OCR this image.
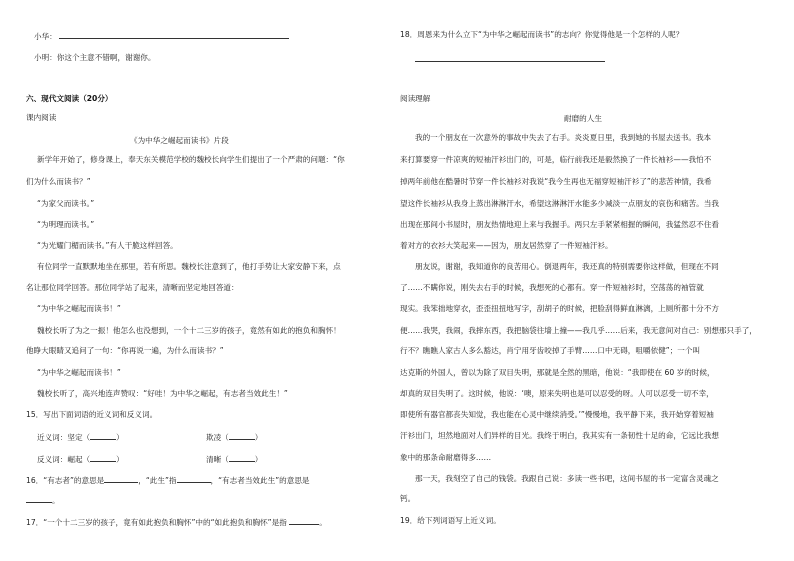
小华：
小明：你这个主意不错啊，谢谢你。
六、现代文阅读（20分）
课内阅读
《为中华之崛起而读书》片段
新学年开始了，修身课上，奉天东关模范学校的魏校长向学生们提出了一个严肃的问题：“你
们为什么而读书？”
“为家父而读书。”
“为明理而读书。”
“为光耀门楣而读书。”有人干脆这样回答。
有位同学一直默默地坐在那里，若有所思。魏校长注意到了，他打手势让大家安静下来，点
名让那位同学回答。那位同学站了起来，清晰而坚定地回答道：
“为中华之崛起而读书！”
魏校长听了为之一振！他怎么也没想到，一个十二三岁的孩子，竟然有如此的抱负和胸怀！
他睁大眼睛又追问了一句：“你再说一遍，为什么而读书？”
“为中华之崛起而读书！”
魏校长听了，高兴地连声赞叹：“好哇！为中华之崛起，有志者当效此生！”
15．写出下面词语的近义词和反义词。
近义词：坚定（	）	欺凌（	）
反义词：崛起（	）	清晰（	）
16．“有志者”的意思是	，“此生”指	，“有志者当效此生”的意思是
。
17．“一个十二三岁的孩子，竟有如此抱负和胸怀”中的“如此抱负和胸怀”是指	。
18．周恩来为什么立下“为中华之崛起而读书”的志向？你觉得他是一个怎样的人呢？
阅读理解
耐磨的人生
我的一个朋友在一次意外的事故中失去了右手。炎炎夏日里，我到她的书屋去送书。我本
来打算要穿一件凉爽的短袖汗衫出门的，可是，临行前我还是毅然换了一件长袖衫——我怕不
掉两年前他在酷暑时节穿一件长袖衫对我说“我今生再也无福穿短袖汗衫了”的悲苦神情，我希
望这件长袖衫从我身上蒸出淋淋汗水，希望这淋淋汗水能多少减淡一点朋友的哀伤和痛苦。当我
出现在那间小书屋时，朋友热情地迎上来与我握手。两只左手紧紧相握的瞬间，我猛然忍不住看
着对方的衣衫大笑起来——因为，朋友居然穿了一件短袖汗衫。
朋友说，谢谢，我知道你的良苦用心。倒退两年，我还真的特别需要你这样做，但现在不同
了……不瞒你说，刚失去右手的时候，我想死的心都有。穿一件短袖衫时，空荡荡的袖管就
现实。我笨拙地穿衣，歪歪扭扭地写字，刮胡子的时候，把脸刮得鲜血淋漓，上厕所都十分不方
便……我哭，我闹，我摔东西，我把脑袋往墙上撞——我几乎……后来，我无意间对自己：别想那只手了，
行不？瞧瞧人家古人多么豁达，肖宁用牙齿咬掉了手臂……口中无碍，咀嚼依健”；一个叫
达克斯的外国人，曾以为除了双目失明，那就是全然的黑暗，他说：“我即使在 60 岁的时候，
却真的双目失明了。这时候，他说：‘噢，原来失明也是可以忍受的呀。人可以忍受一切不幸，
即使所有器官都丧失知觉，我也能在心灵中继续消受。’”慢慢地，我平静下来，我开始穿着短袖
汗衫出门，坦然地面对人们异样的目光。我终于明白，我其实有一条韧性十足的命，它远比我想
象中的那条命耐磨得多……
那一天，我刻空了自己的钱袋。我跟自己说：多读一些书吧，这间书屋的书一定富含灵魂之
钙。
19．给下列词语写上近义词。
